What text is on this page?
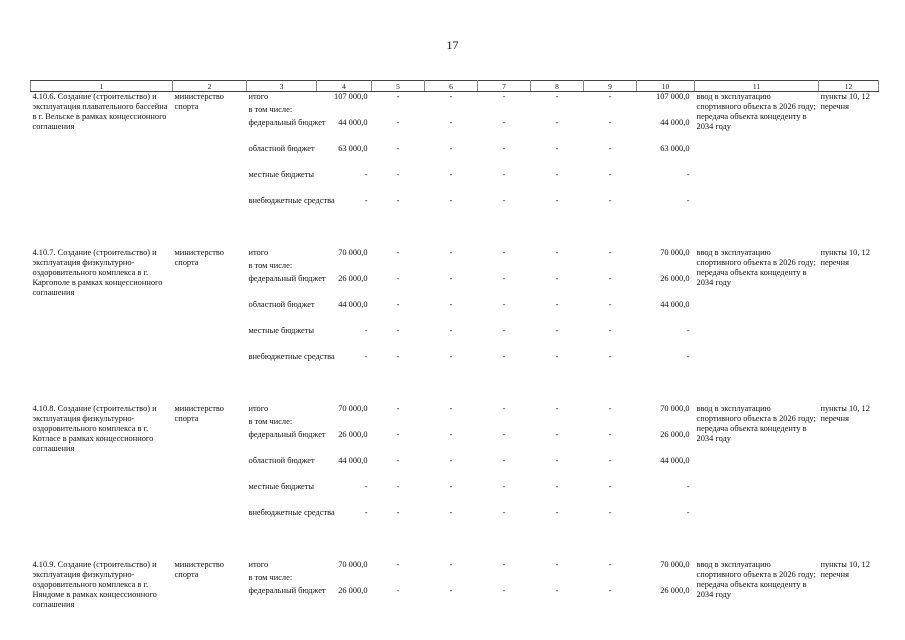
17
1	2	3	4	5	6	7	8	9	10	11	12
4.10.6. Создание (строительство) и эксплуатация плавательного бассейна в г. Вельске в рамках концессионного соглашения	министерство спорта	итого	107 000,0	-	-	-	-	-	107 000,0	ввод в эксплуатацию спортивного объекта в 2026 году; передача объекта концеденту в 2034 году	пункты 10, 12 перечня
		в том числе:									
		федеральный бюджет	44 000,0	-	-	-	-	-	44 000,0		
		областной бюджет	63 000,0	-	-	-	-	-	63 000,0		
		местные бюджеты	-	-	-	-	-	-	-		
		внебюджетные средства	-	-	-	-	-	-	-		

4.10.7. Создание (строительство) и эксплуатация физкультурно-оздоровительного комплекса в г. Каргополе в рамках концессионного соглашения	министерство спорта	итого	70 000,0	-	-	-	-	-	70 000,0	ввод в эксплуатацию спортивного объекта в 2026 году; передача объекта концеденту в 2034 году	пункты 10, 12 перечня
		в том числе:									
		федеральный бюджет	26 000,0	-	-	-	-	-	26 000,0		
		областной бюджет	44 000,0	-	-	-	-	-	44 000,0		
		местные бюджеты	-	-	-	-	-	-	-		
		внебюджетные средства	-	-	-	-	-	-	-		

4.10.8. Создание (строительство) и эксплуатация физкультурно-оздоровительного комплекса в г. Котласе в рамках концессионного соглашения	министерство спорта	итого	70 000,0	-	-	-	-	-	70 000,0	ввод в эксплуатацию спортивного объекта в 2026 году; передача объекта концеденту в 2034 году	пункты 10, 12 перечня
		в том числе:									
		федеральный бюджет	26 000,0	-	-	-	-	-	26 000,0		
		областной бюджет	44 000,0	-	-	-	-	-	44 000,0		
		местные бюджеты	-	-	-	-	-	-	-		
		внебюджетные средства	-	-	-	-	-	-	-		

4.10.9. Создание (строительство) и эксплуатация физкультурно-оздоровительного комплекса в г. Няндоме в рамках концессионного соглашения	министерство спорта	итого	70 000,0	-	-	-	-	-	70 000,0	ввод в эксплуатацию спортивного объекта в 2026 году; передача объекта концеденту в 2034 году	пункты 10, 12 перечня
		в том числе:									
		федеральный бюджет	26 000,0	-	-	-	-	-	26 000,0		
